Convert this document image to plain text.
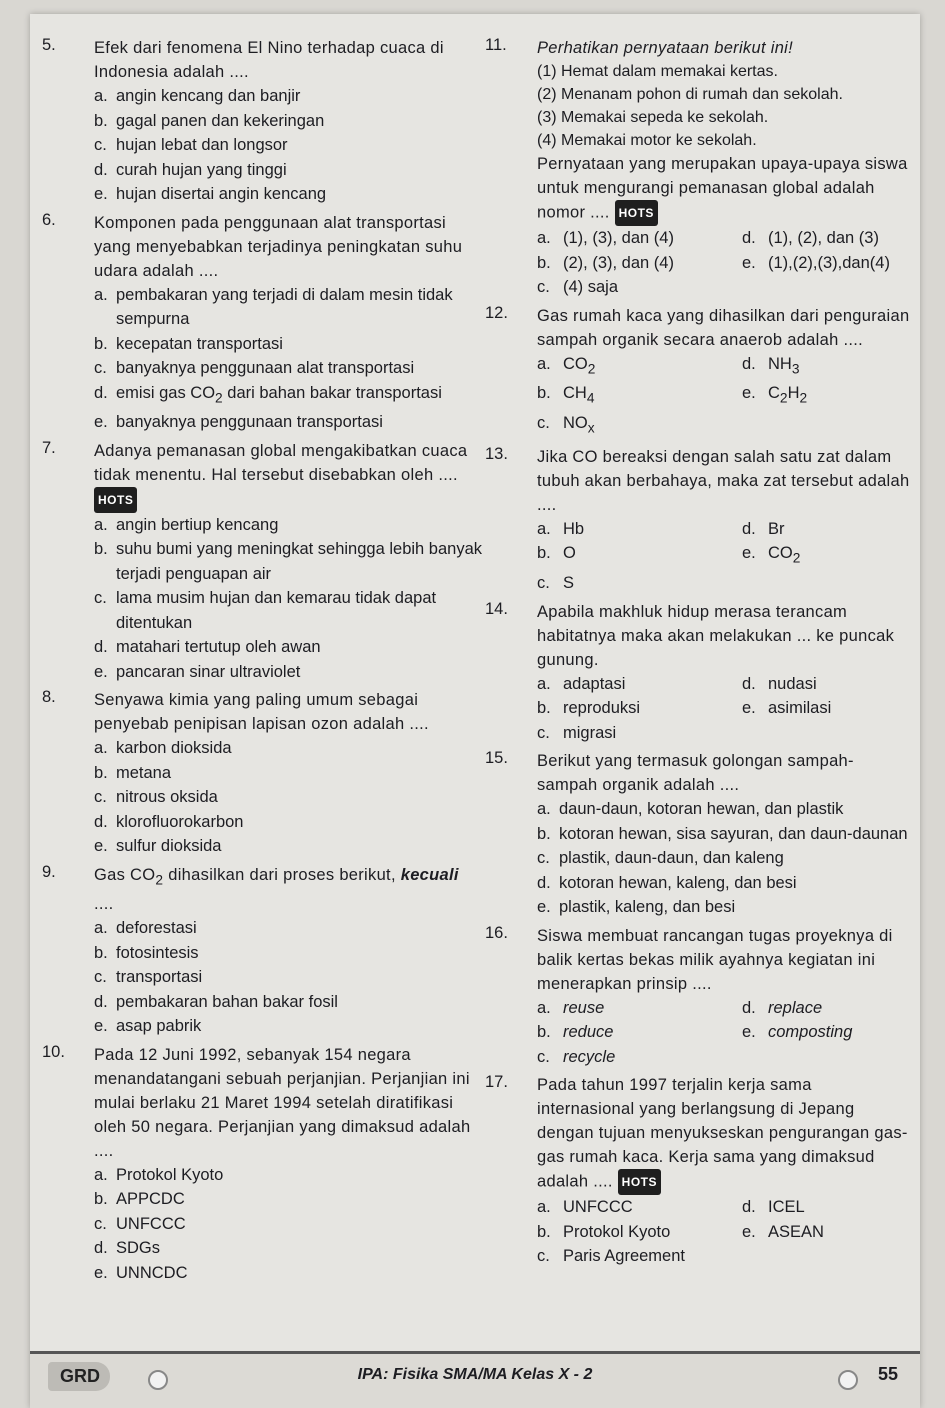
5. Efek dari fenomena El Nino terhadap cuaca di Indonesia adalah ....
a. angin kencang dan banjir
b. gagal panen dan kekeringan
c. hujan lebat dan longsor
d. curah hujan yang tinggi
e. hujan disertai angin kencang
6. Komponen pada penggunaan alat transportasi yang menyebabkan terjadinya peningkatan suhu udara adalah ....
a. pembakaran yang terjadi di dalam mesin tidak sempurna
b. kecepatan transportasi
c. banyaknya penggunaan alat transportasi
d. emisi gas $CO_2$ dari bahan bakar transportasi
e. banyaknya penggunaan transportasi
7. Adanya pemanasan global mengakibatkan cuaca tidak menentu. Hal tersebut disebabkan oleh .... HOTS
a. angin bertiup kencang
b. suhu bumi yang meningkat sehingga lebih banyak terjadi penguapan air
c. lama musim hujan dan kemarau tidak dapat ditentukan
d. matahari tertutup oleh awan
e. pancaran sinar ultraviolet
8. Senyawa kimia yang paling umum sebagai penyebab penipisan lapisan ozon adalah ....
a. karbon dioksida
b. metana
c. nitrous oksida
d. klorofluorokarbon
e. sulfur dioksida
9. Gas $CO_2$ dihasilkan dari proses berikut, kecuali ....
a. deforestasi
b. fotosintesis
c. transportasi
d. pembakaran bahan bakar fosil
e. asap pabrik
10. Pada 12 Juni 1992, sebanyak 154 negara menandatangani sebuah perjanjian. Perjanjian ini mulai berlaku 21 Maret 1994 setelah diratifikasi oleh 50 negara. Perjanjian yang dimaksud adalah ....
a. Protokol Kyoto
b. APPCDC
c. UNFCCC
d. SDGs
e. UNNCDC
11. Perhatikan pernyataan berikut ini!
(1) Hemat dalam memakai kertas.
(2) Menanam pohon di rumah dan sekolah.
(3) Memakai sepeda ke sekolah.
(4) Memakai motor ke sekolah.
Pernyataan yang merupakan upaya-upaya siswa untuk mengurangi pemanasan global adalah nomor .... HOTS
a. (1), (3), dan (4)	d. (1), (2), dan (3)
b. (2), (3), dan (4)	e. (1),(2),(3),dan(4)
c. (4) saja
12. Gas rumah kaca yang dihasilkan dari penguraian sampah organik secara anaerob adalah ....
a. $CO_2$	d. $NH_3$
b. $CH_4$	e. $C_2H_2$
c. $NO_x$
13. Jika CO bereaksi dengan salah satu zat dalam tubuh akan berbahaya, maka zat tersebut adalah ....
a. Hb	d. Br
b. O	e. $CO_2$
c. S
14. Apabila makhluk hidup merasa terancam habitatnya maka akan melakukan ... ke puncak gunung.
a. adaptasi	d. nudasi
b. reproduksi	e. asimilasi
c. migrasi
15. Berikut yang termasuk golongan sampah-sampah organik adalah ....
a. daun-daun, kotoran hewan, dan plastik
b. kotoran hewan, sisa sayuran, dan daun-daunan
c. plastik, daun-daun, dan kaleng
d. kotoran hewan, kaleng, dan besi
e. plastik, kaleng, dan besi
16. Siswa membuat rancangan tugas proyeknya di balik kertas bekas milik ayahnya kegiatan ini menerapkan prinsip ....
a. reuse	d. replace
b. reduce	e. composting
c. recycle
17. Pada tahun 1997 terjalin kerja sama internasional yang berlangsung di Jepang dengan tujuan menyukseskan pengurangan gas-gas rumah kaca. Kerja sama yang dimaksud adalah .... HOTS
a. UNFCCC	d. ICEL
b. Protokol Kyoto	e. ASEAN
c. Paris Agreement
GRD	IPA: Fisika SMA/MA Kelas X - 2	55
